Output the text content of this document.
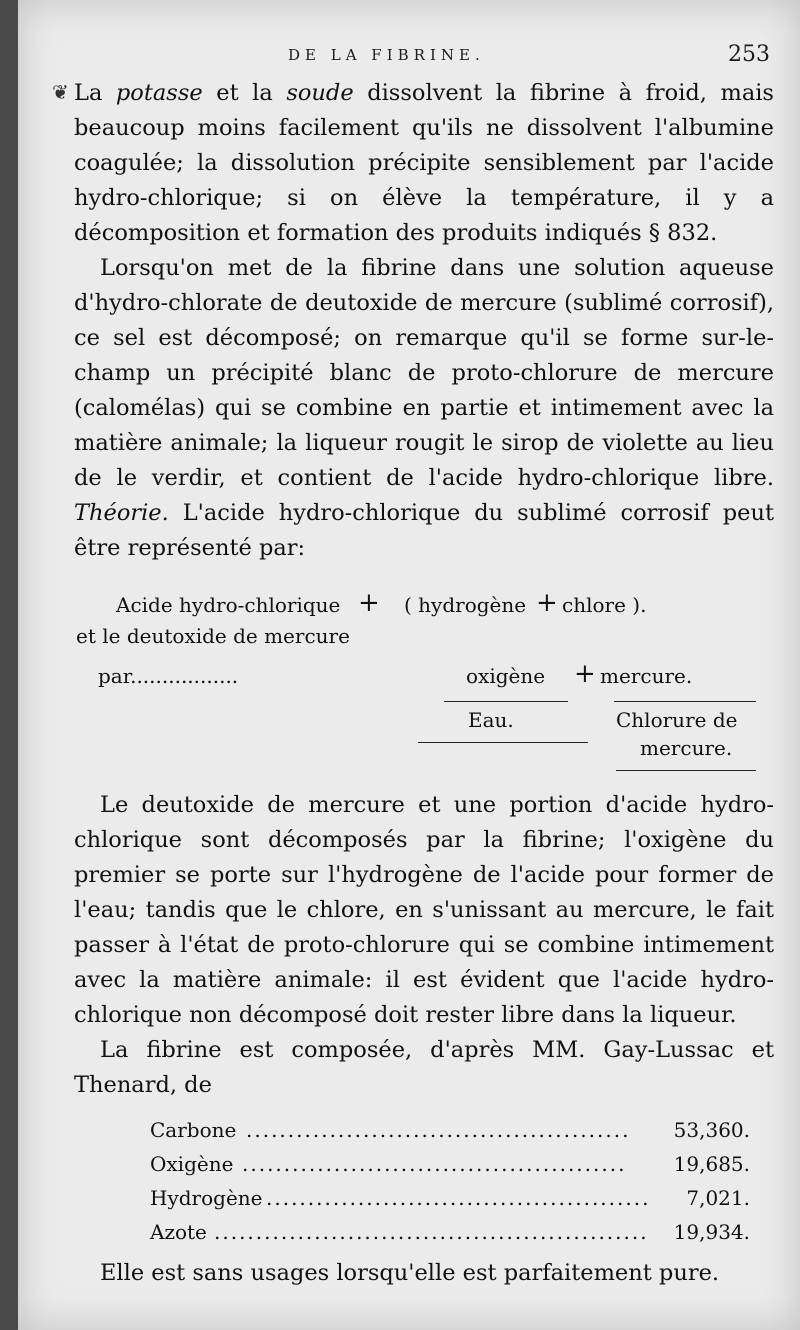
DE LA FIBRINE.	253
❦ La potasse et la soude dissolvent la fibrine à froid, mais beaucoup moins facilement qu'ils ne dissolvent l'albumine coagulée; la dissolution précipite sensiblement par l'acide hydro-chlorique; si on élève la température, il y a décomposition et formation des produits indiqués § 832.

Lorsqu'on met de la fibrine dans une solution aqueuse d'hydro-chlorate de deutoxide de mercure (sublimé corrosif), ce sel est décomposé; on remarque qu'il se forme sur-le-champ un précipité blanc de proto-chlorure de mercure (calomélas) qui se combine en partie et intimement avec la matière animale; la liqueur rougit le sirop de violette au lieu de le verdir, et contient de l'acide hydro-chlorique libre. Théorie. L'acide hydro-chlorique du sublimé corrosif peut être représenté par:

Acide hydro-chlorique + ( hydrogène + chlore ).
et le deutoxide de mercure
par.................	oxigène + mercure.
Eau.	Chlorure de
mercure.

Le deutoxide de mercure et une portion d'acide hydro-chlorique sont décomposés par la fibrine; l'oxigène du premier se porte sur l'hydrogène de l'acide pour former de l'eau; tandis que le chlore, en s'unissant au mercure, le fait passer à l'état de proto-chlorure qui se combine intimement avec la matière animale: il est évident que l'acide hydro-chlorique non décomposé doit rester libre dans la liqueur.

La fibrine est composée, d'après MM. Gay-Lussac et Thenard, de

Carbone .............................................. 53,360.
Oxigène .............................................. 19,685.
Hydrogène .............................................. 7,021.
Azote .................................................... 19,934.
Elle est sans usages lorsqu'elle est parfaitement pure.
